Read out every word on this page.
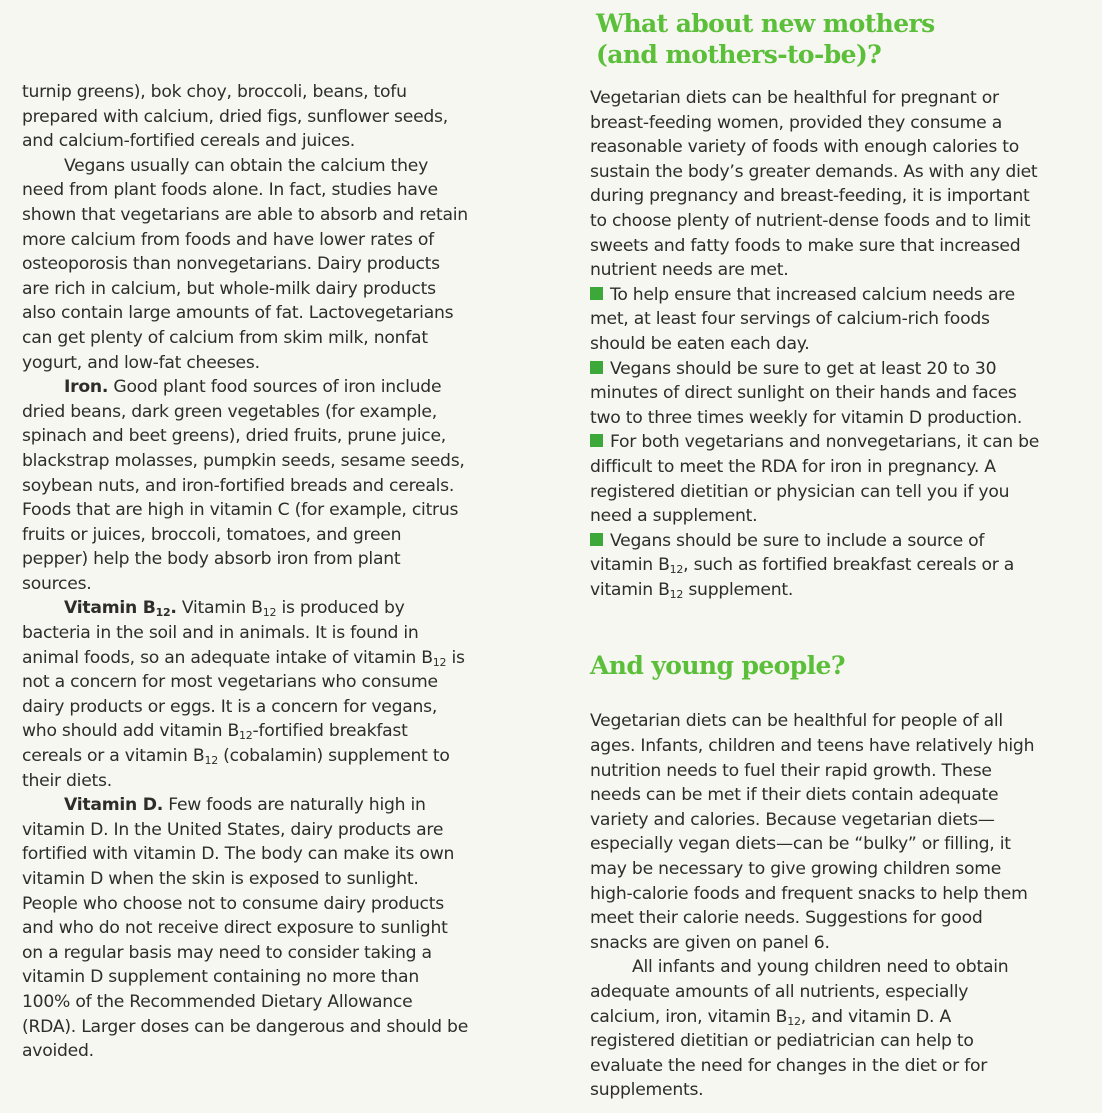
turnip greens), bok choy, broccoli, beans, tofu prepared with calcium, dried figs, sunflower seeds, and calcium-fortified cereals and juices.

Vegans usually can obtain the calcium they need from plant foods alone. In fact, studies have shown that vegetarians are able to absorb and retain more calcium from foods and have lower rates of osteoporosis than nonvegetarians. Dairy products are rich in calcium, but whole-milk dairy products also contain large amounts of fat. Lactovegetarians can get plenty of calcium from skim milk, nonfat yogurt, and low-fat cheeses.

Iron. Good plant food sources of iron include dried beans, dark green vegetables (for example, spinach and beet greens), dried fruits, prune juice, blackstrap molasses, pumpkin seeds, sesame seeds, soybean nuts, and iron-fortified breads and cereals. Foods that are high in vitamin C (for example, citrus fruits or juices, broccoli, tomatoes, and green pepper) help the body absorb iron from plant sources.

Vitamin $B_{12}$. Vitamin $B_{12}$ is produced by bacteria in the soil and in animals. It is found in animal foods, so an adequate intake of vitamin $B_{12}$ is not a concern for most vegetarians who consume dairy products or eggs. It is a concern for vegans, who should add vitamin $B_{12}$-fortified breakfast cereals or a vitamin $B_{12}$ (cobalamin) supplement to their diets.

Vitamin D. Few foods are naturally high in vitamin D. In the United States, dairy products are fortified with vitamin D. The body can make its own vitamin D when the skin is exposed to sunlight. People who choose not to consume dairy products and who do not receive direct exposure to sunlight on a regular basis may need to consider taking a vitamin D supplement containing no more than 100% of the Recommended Dietary Allowance (RDA). Larger doses can be dangerous and should be avoided.

What about new mothers
(and mothers-to-be)?

Vegetarian diets can be healthful for pregnant or breast-feeding women, provided they consume a reasonable variety of foods with enough calories to sustain the body’s greater demands. As with any diet during pregnancy and breast-feeding, it is important to choose plenty of nutrient-dense foods and to limit sweets and fatty foods to make sure that increased nutrient needs are met.

To help ensure that increased calcium needs are met, at least four servings of calcium-rich foods should be eaten each day.
Vegans should be sure to get at least 20 to 30 minutes of direct sunlight on their hands and faces two to three times weekly for vitamin D production.
For both vegetarians and nonvegetarians, it can be difficult to meet the RDA for iron in pregnancy. A registered dietitian or physician can tell you if you need a supplement.
Vegans should be sure to include a source of vitamin $B_{12}$, such as fortified breakfast cereals or a vitamin $B_{12}$ supplement.
And young people?

Vegetarian diets can be healthful for people of all ages. Infants, children and teens have relatively high nutrition needs to fuel their rapid growth. These needs can be met if their diets contain adequate variety and calories. Because vegetarian diets—especially vegan diets—can be “bulky” or filling, it may be necessary to give growing children some high-calorie foods and frequent snacks to help them meet their calorie needs. Suggestions for good snacks are given on panel 6.

All infants and young children need to obtain adequate amounts of all nutrients, especially calcium, iron, vitamin $B_{12}$, and vitamin D. A registered dietitian or pediatrician can help to evaluate the need for changes in the diet or for supplements.
